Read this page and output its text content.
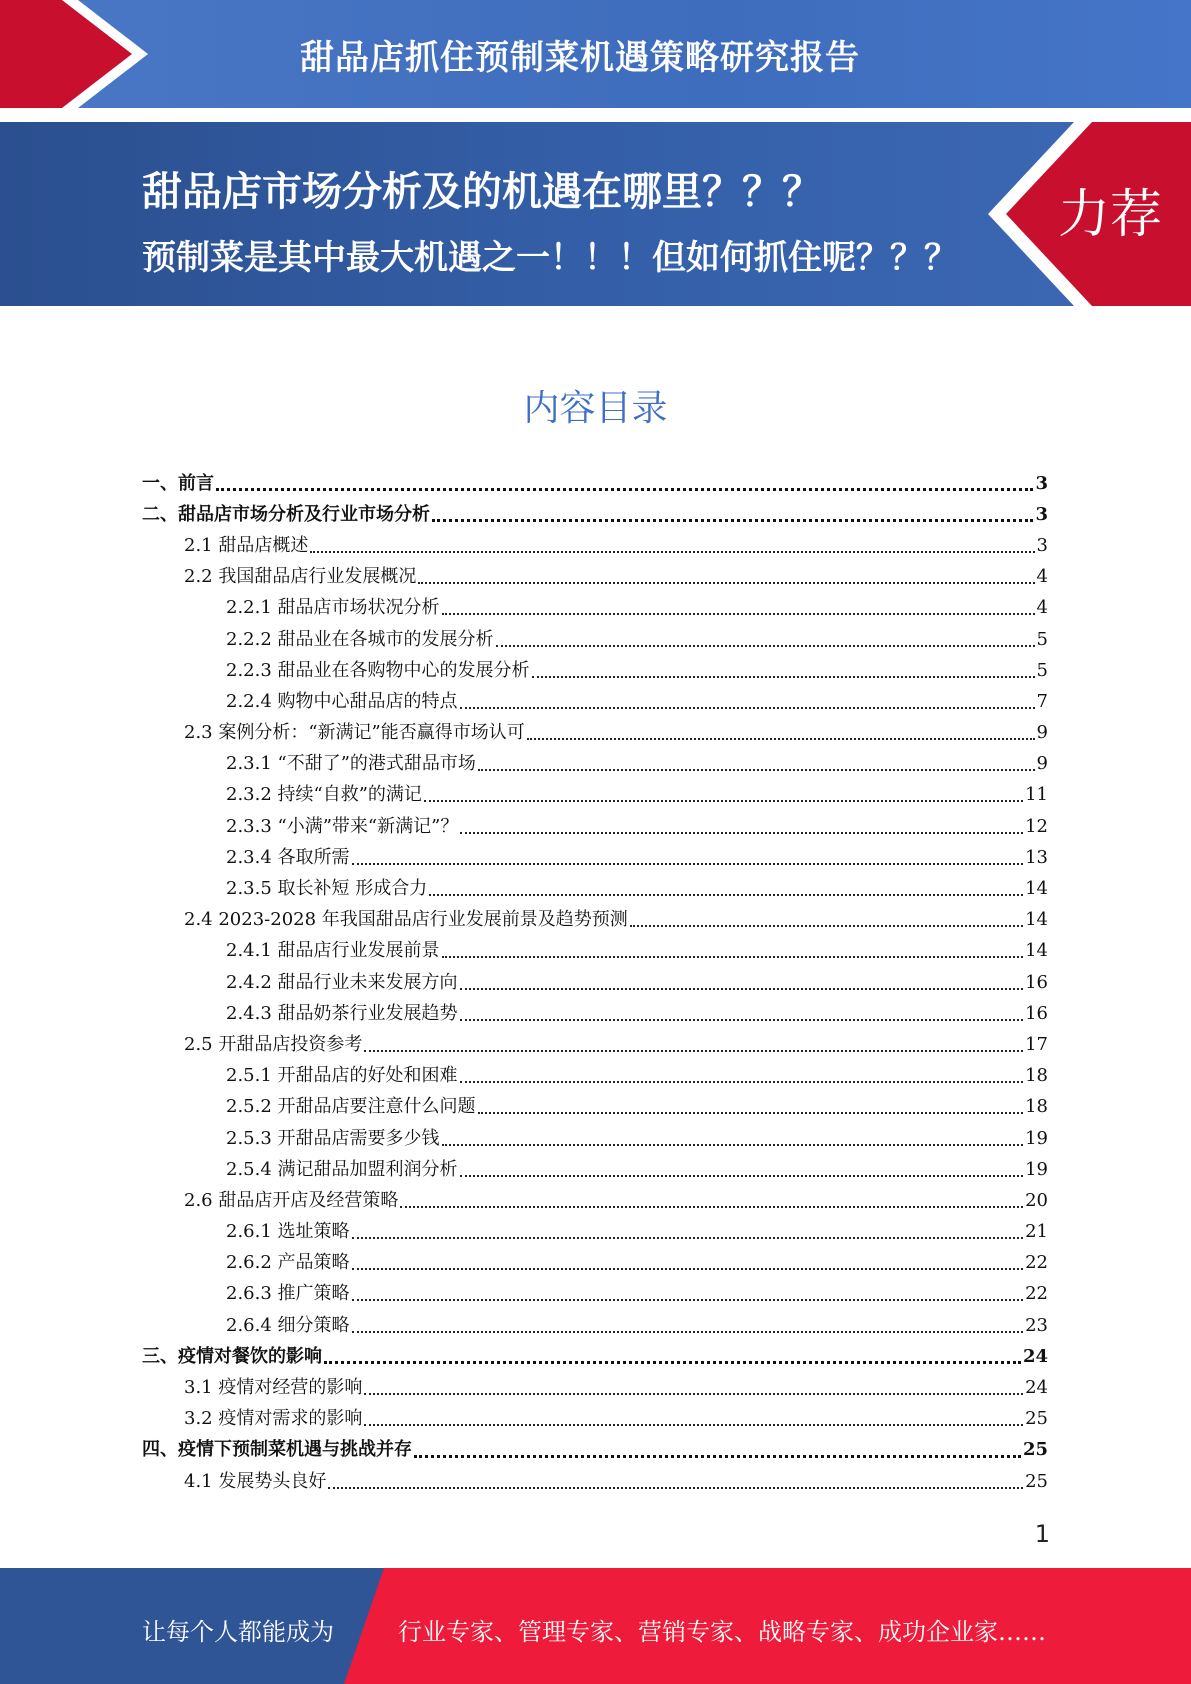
甜品店抓住预制菜机遇策略研究报告
甜品店市场分析及的机遇在哪里？？？
预制菜是其中最大机遇之一！！！但如何抓住呢？？？
力荐
内容目录
一、前言	3
二、甜品店市场分析及行业市场分析	3
2.1 甜品店概述	3
2.2 我国甜品店行业发展概况	4
2.2.1 甜品店市场状况分析	4
2.2.2 甜品业在各城市的发展分析	5
2.2.3 甜品业在各购物中心的发展分析	5
2.2.4 购物中心甜品店的特点	7
2.3 案例分析：“新满记”能否赢得市场认可	9
2.3.1 “不甜了”的港式甜品市场	9
2.3.2 持续“自救”的满记	11
2.3.3 “小满”带来“新满记”？	12
2.3.4 各取所需	13
2.3.5 取长补短 形成合力	14
2.4 2023-2028 年我国甜品店行业发展前景及趋势预测	14
2.4.1 甜品店行业发展前景	14
2.4.2 甜品行业未来发展方向	16
2.4.3 甜品奶茶行业发展趋势	16
2.5 开甜品店投资参考	17
2.5.1 开甜品店的好处和困难	18
2.5.2 开甜品店要注意什么问题	18
2.5.3 开甜品店需要多少钱	19
2.5.4 满记甜品加盟利润分析	19
2.6 甜品店开店及经营策略	20
2.6.1 选址策略	21
2.6.2 产品策略	22
2.6.3 推广策略	22
2.6.4 细分策略	23
三、疫情对餐饮的影响	24
3.1 疫情对经营的影响	24
3.2 疫情对需求的影响	25
四、疫情下预制菜机遇与挑战并存	25
4.1 发展势头良好	25
1
让每个人都能成为	行业专家、管理专家、营销专家、战略专家、成功企业家……
